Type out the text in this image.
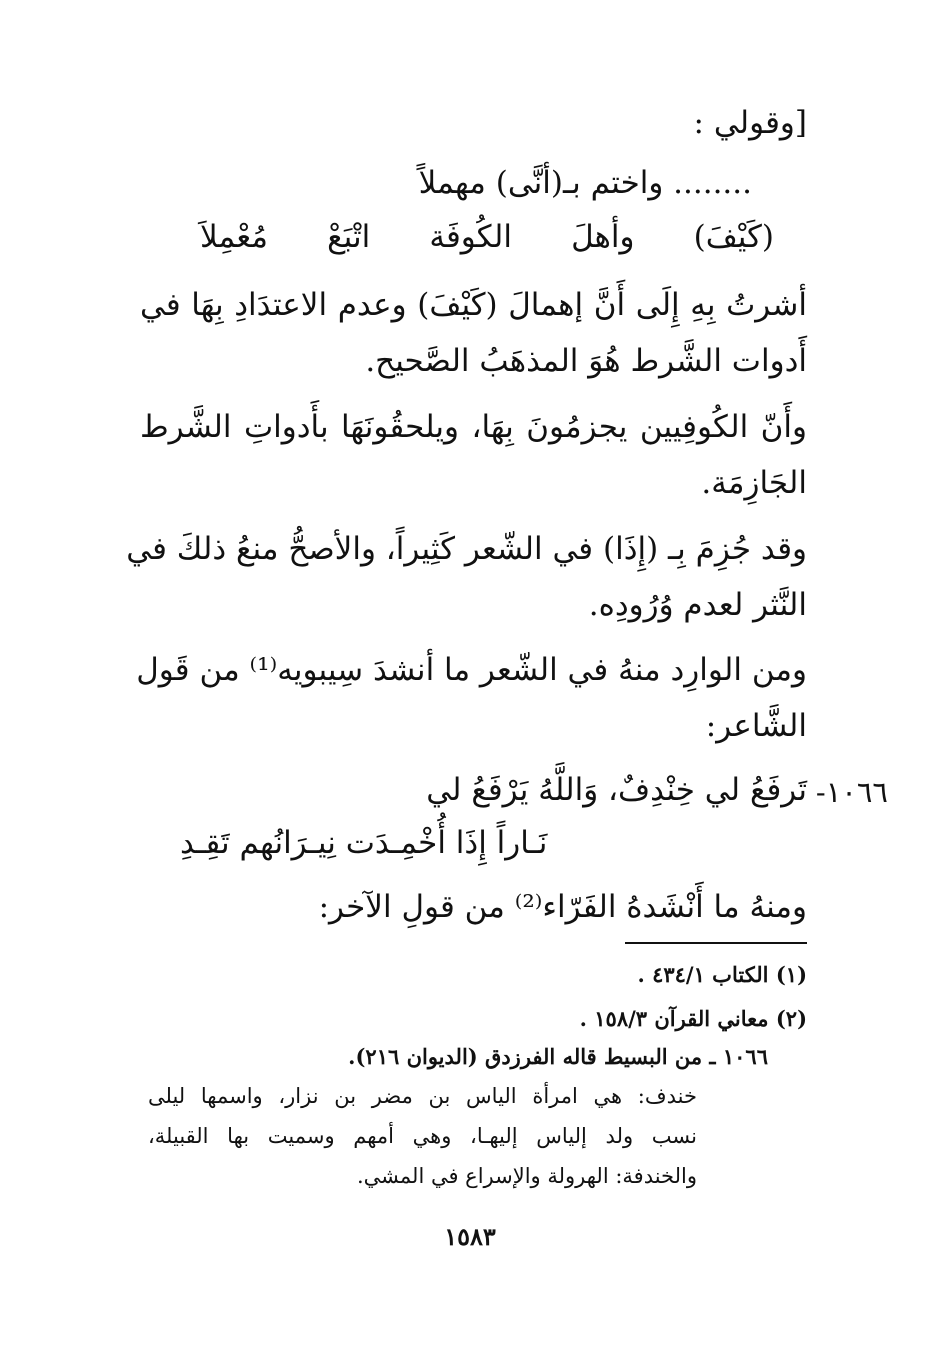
[وقولي :
........ واختم بـ(أنَّى) مهملاً
(كَيْفَ) وأهلَ الكُوفَة اتْبَعْ مُعْمِلاَ
أشرتُ بِهِ إِلَى أَنَّ إهمالَ (كَيْفَ) وعدم الاعتدَادِ بِهَا في
أَدوات الشَّرط هُوَ المذهَبُ الصَّحيح.
وأَنّ الكُوفِيين يجزمُونَ بِهَا، ويلحقُونَهَا بأَدواتِ الشَّرط
الجَازِمَة.
وقد جُزِمَ بِـ (إِذَا) في الشّعر كَثِيراً، والأصحُّ منعُ ذلكَ في
النَّثر لعدم وُرُودِه.
ومن الوارِد منهُ في الشّعر ما أنشدَ سِيبويه⁽¹⁾ من قَول
الشَّاعر:
١٠٦٦-
تَرفَعُ لي خِنْدِفٌ، وَاللَّهُ يَرْفَعُ لي
نَـاراً إِذَا أُخْمِـدَت نِيـرَانُهم تَقِـدِ
ومنهُ ما أَنْشَدهُ الفَرّاء⁽²⁾ من قولِ الآخر:
(١) الكتاب ٤٣٤/١ .
(٢) معاني القرآن ١٥٨/٣ .
١٠٦٦ ـ من البسيط قاله الفرزدق (الديوان ٢١٦).
خندف: هي امرأة الياس بن مضر بن نزار، واسمها ليلى
نسب ولد إلياس إليهـا، وهي أمهم وسميت بها القبيلة،
والخندفة: الهرولة والإسراع في المشي.
١٥٨٣
